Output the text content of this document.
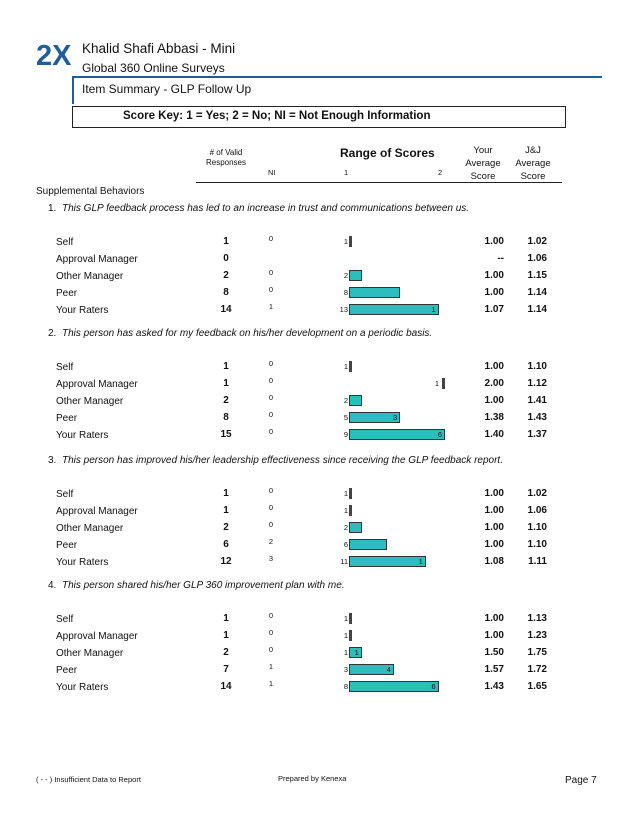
2X Khalid Shafi Abbasi - Mini
Global 360 Online Surveys
Item Summary - GLP Follow Up
Score Key: 1 = Yes; 2 = No; NI = Not Enough Information
# of Valid
Responses
NI
Range of Scores
1	2
Your
Average
Score
J&J
Average
Score
Supplemental Behaviors
1. This GLP feedback process has led to an increase in trust and communications between us.
Self	1	0	1.00	1.02
1
Approval Manager	0	--	1.06
Other Manager	2	0	1.00	1.15
2
Peer	8	0	1.00	1.14
8
Your Raters	14	1	1.07	1.14
13	1
2. This person has asked for my feedback on his/her development on a periodic basis.
Self	1	0	1.00	1.10
1
Approval Manager	1	0	2.00	1.12
1
Other Manager	2	0	1.00	1.41
2
Peer	8	0	1.38	1.43
5	3
Your Raters	15	0	1.40	1.37
9	6
3. This person has improved his/her leadership effectiveness since receiving the GLP feedback report.
Self	1	0	1.00	1.02
1
Approval Manager	1	0	1.00	1.06
1
Other Manager	2	0	1.00	1.10
2
Peer	6	2	1.00	1.10
6
Your Raters	12	3	1.08	1.11
11	1
4. This person shared his/her GLP 360 improvement plan with me.
Self	1	0	1.00	1.13
1
Approval Manager	1	0	1.00	1.23
1
Other Manager	2	0	1.50	1.75
1 1
Peer	7	1	1.57	1.72
3	4
Your Raters	14	1	1.43	1.65
8	6
( - - ) Insufficient Data to Report	Prepared by Kenexa	Page 7
